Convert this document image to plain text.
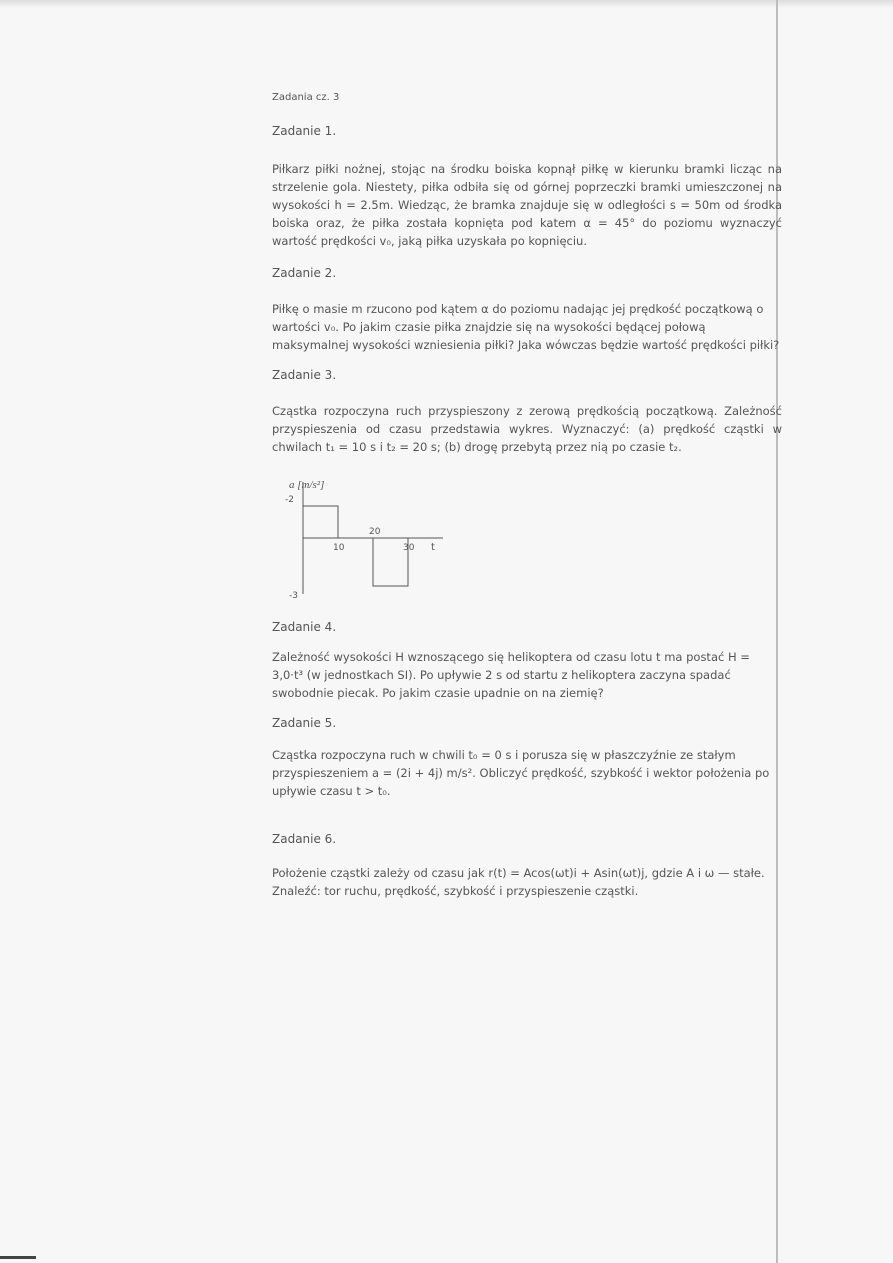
Zadania cz. 3
Zadanie 1.
Piłkarz piłki nożnej, stojąc na środku boiska kopnął piłkę w kierunku bramki licząc na strzelenie gola. Niestety, piłka odbiła się od górnej poprzeczki bramki umieszczonej na wysokości h = 2.5m. Wiedząc, że bramka znajduje się w odległości s = 50m od środka boiska oraz, że piłka została kopnięta pod katem α = 45° do poziomu wyznaczyć wartość prędkości v₀, jaką piłka uzyskała po kopnięciu.
Zadanie 2.
Piłkę o masie m rzucono pod kątem α do poziomu nadając jej prędkość początkową o wartości v₀. Po jakim czasie piłka znajdzie się na wysokości będącej połową maksymalnej wysokości wzniesienia piłki? Jaka wówczas będzie wartość prędkości piłki?
Zadanie 3.
Cząstka rozpoczyna ruch przyspieszony z zerową prędkością początkową. Zależność przyspieszenia od czasu przedstawia wykres. Wyznaczyć: (a) prędkość cząstki w chwilach t₁ = 10 s i t₂ = 20 s; (b) drogę przebytą przez nią po czasie t₂.
Zadanie 4.
Zależność wysokości H wznoszącego się helikoptera od czasu lotu t ma postać H = 3,0·t³ (w jednostkach SI). Po upływie 2 s od startu z helikoptera zaczyna spadać swobodnie piecak. Po jakim czasie upadnie on na ziemię?
Zadanie 5.
Cząstka rozpoczyna ruch w chwili t₀ = 0 s i porusza się w płaszczyźnie ze stałym przyspieszeniem a = (2i + 4j) m/s². Obliczyć prędkość, szybkość i wektor położenia po upływie czasu t > t₀.
Zadanie 6.
Położenie cząstki zależy od czasu jak r(t) = Acos(ωt)i + Asin(ωt)j, gdzie A i ω — stałe. Znaleźć: tor ruchu, prędkość, szybkość i przyspieszenie cząstki.
a [m/s²]
-2
-3
10
20
30 t
